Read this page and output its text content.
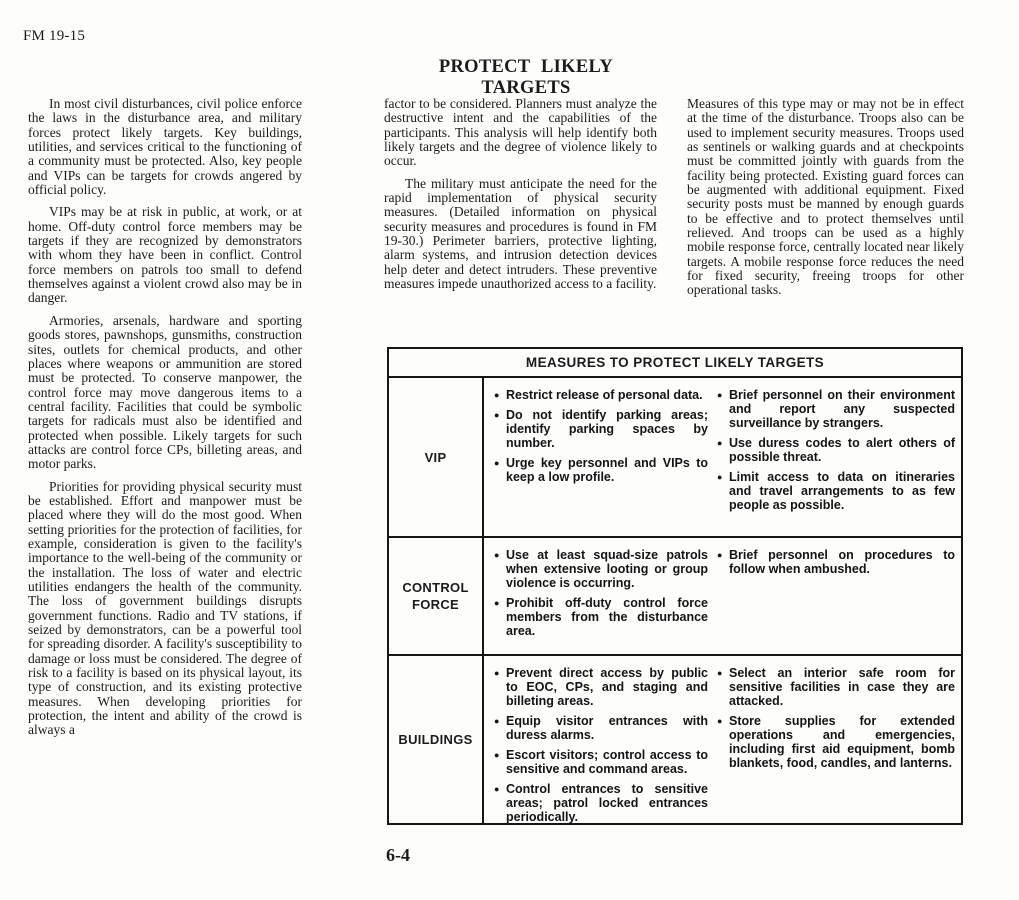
FM 19-15
PROTECT LIKELY TARGETS

In most civil disturbances, civil police enforce the laws in the disturbance area, and military forces protect likely targets. Key buildings, utilities, and services critical to the functioning of a community must be protected. Also, key people and VIPs can be targets for crowds angered by official policy.

VIPs may be at risk in public, at work, or at home. Off-duty control force members may be targets if they are recognized by demonstrators with whom they have been in conflict. Control force members on patrols too small to defend themselves against a violent crowd also may be in danger.

Armories, arsenals, hardware and sporting goods stores, pawnshops, gunsmiths, construction sites, outlets for chemical products, and other places where weapons or ammunition are stored must be protected. To conserve manpower, the control force may move dangerous items to a central facility. Facilities that could be symbolic targets for radicals must also be identified and protected when possible. Likely targets for such attacks are control force CPs, billeting areas, and motor parks.

Priorities for providing physical security must be established. Effort and manpower must be placed where they will do the most good. When setting priorities for the protection of facilities, for example, consideration is given to the facility's importance to the well-being of the community or the installation. The loss of water and electric utilities endangers the health of the community. The loss of government buildings disrupts government functions. Radio and TV stations, if seized by demonstrators, can be a powerful tool for spreading disorder. A facility's susceptibility to damage or loss must be considered. The degree of risk to a facility is based on its physical layout, its type of construction, and its existing protective measures. When developing priorities for protection, the intent and ability of the crowd is always a

factor to be considered. Planners must analyze the destructive intent and the capabilities of the participants. This analysis will help identify both likely targets and the degree of violence likely to occur.

The military must anticipate the need for the rapid implementation of physical security measures. (Detailed information on physical security measures and procedures is found in FM 19-30.) Perimeter barriers, protective lighting, alarm systems, and intrusion detection devices help deter and detect intruders. These preventive measures impede unauthorized access to a facility.

Measures of this type may or may not be in effect at the time of the disturbance. Troops also can be used to implement security measures. Troops used as sentinels or walking guards and at checkpoints must be committed jointly with guards from the facility being protected. Existing guard forces can be augmented with additional equipment. Fixed security posts must be manned by enough guards to be effective and to protect themselves until relieved. And troops can be used as a highly mobile response force, centrally located near likely targets. A mobile response force reduces the need for fixed security, freeing troops for other operational tasks.

MEASURES TO PROTECT LIKELY TARGETS
VIP
● Restrict release of personal data.
● Do not identify parking areas; identify parking spaces by number.
● Urge key personnel and VIPs to keep a low profile.
● Brief personnel on their environment and report any suspected surveillance by strangers.
● Use duress codes to alert others of possible threat.
● Limit access to data on itineraries and travel arrangements to as few people as possible.
CONTROL FORCE
● Use at least squad-size patrols when extensive looting or group violence is occurring.
● Prohibit off-duty control force members from the disturbance area.
● Brief personnel on procedures to follow when ambushed.
BUILDINGS
● Prevent direct access by public to EOC, CPs, and staging and billeting areas.
● Equip visitor entrances with duress alarms.
● Escort visitors; control access to sensitive and command areas.
● Control entrances to sensitive areas; patrol locked entrances periodically.
● Select an interior safe room for sensitive facilities in case they are attacked.
● Store supplies for extended operations and emergencies, including first aid equipment, bomb blankets, food, candles, and lanterns.
6-4
